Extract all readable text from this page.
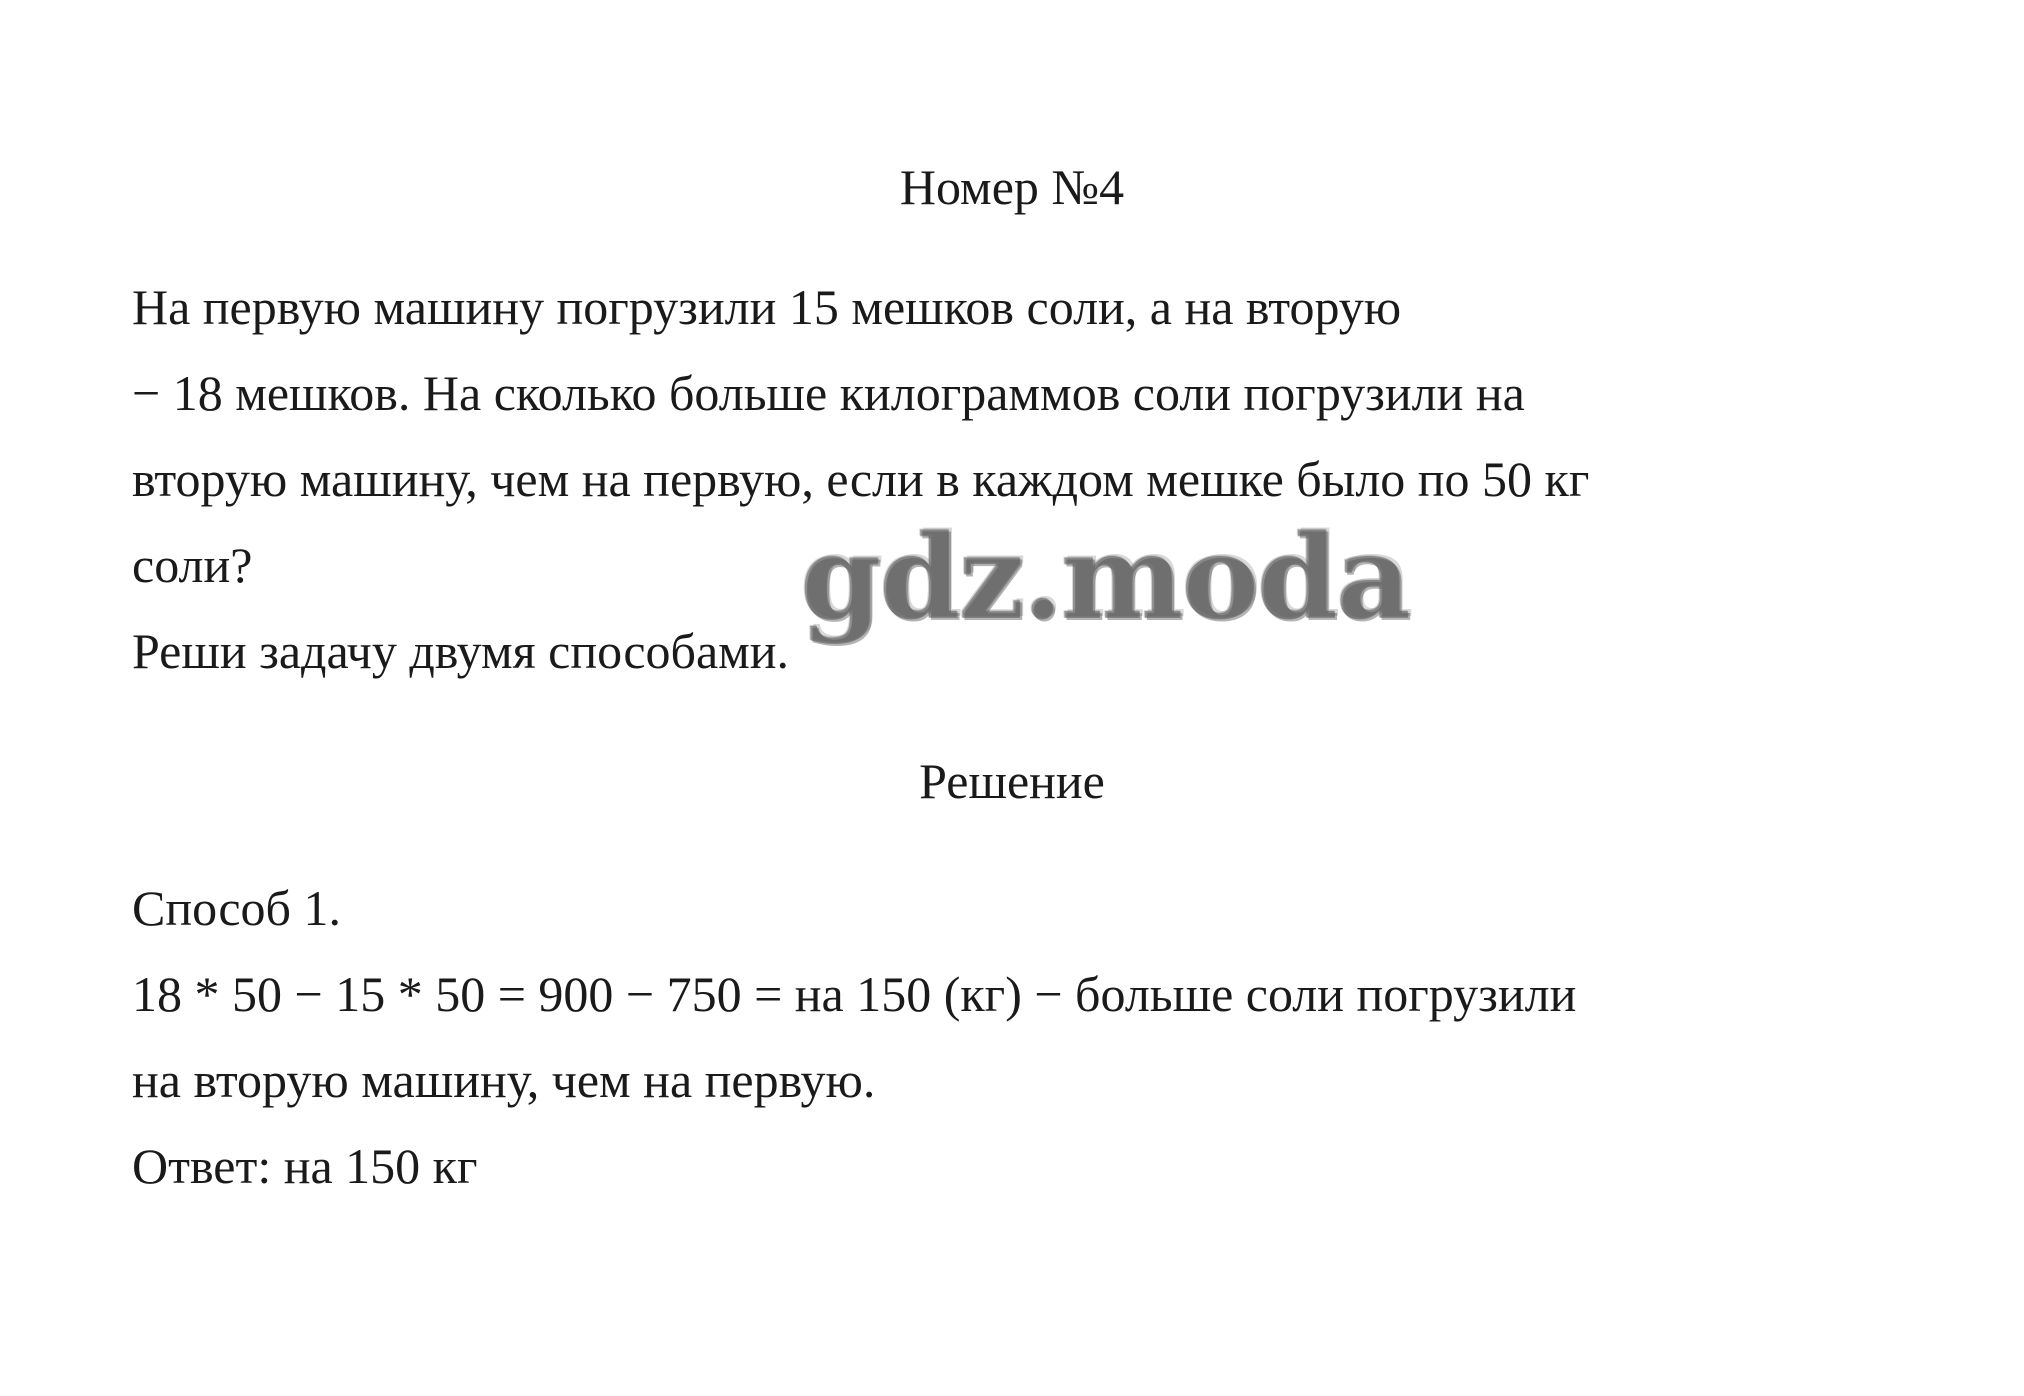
Номер №4
На первую машину погрузили 15 мешков соли, а на вторую
− 18 мешков. На сколько больше килограммов соли погрузили на
вторую машину, чем на первую, если в каждом мешке было по 50 кг
соли?
Реши задачу двумя способами.
Решение
Способ 1.
18 * 50 − 15 * 50 = 900 − 750 = на 150 (кг) − больше соли погрузили
на вторую машину, чем на первую.
Ответ: на 150 кг
gdz.moda
